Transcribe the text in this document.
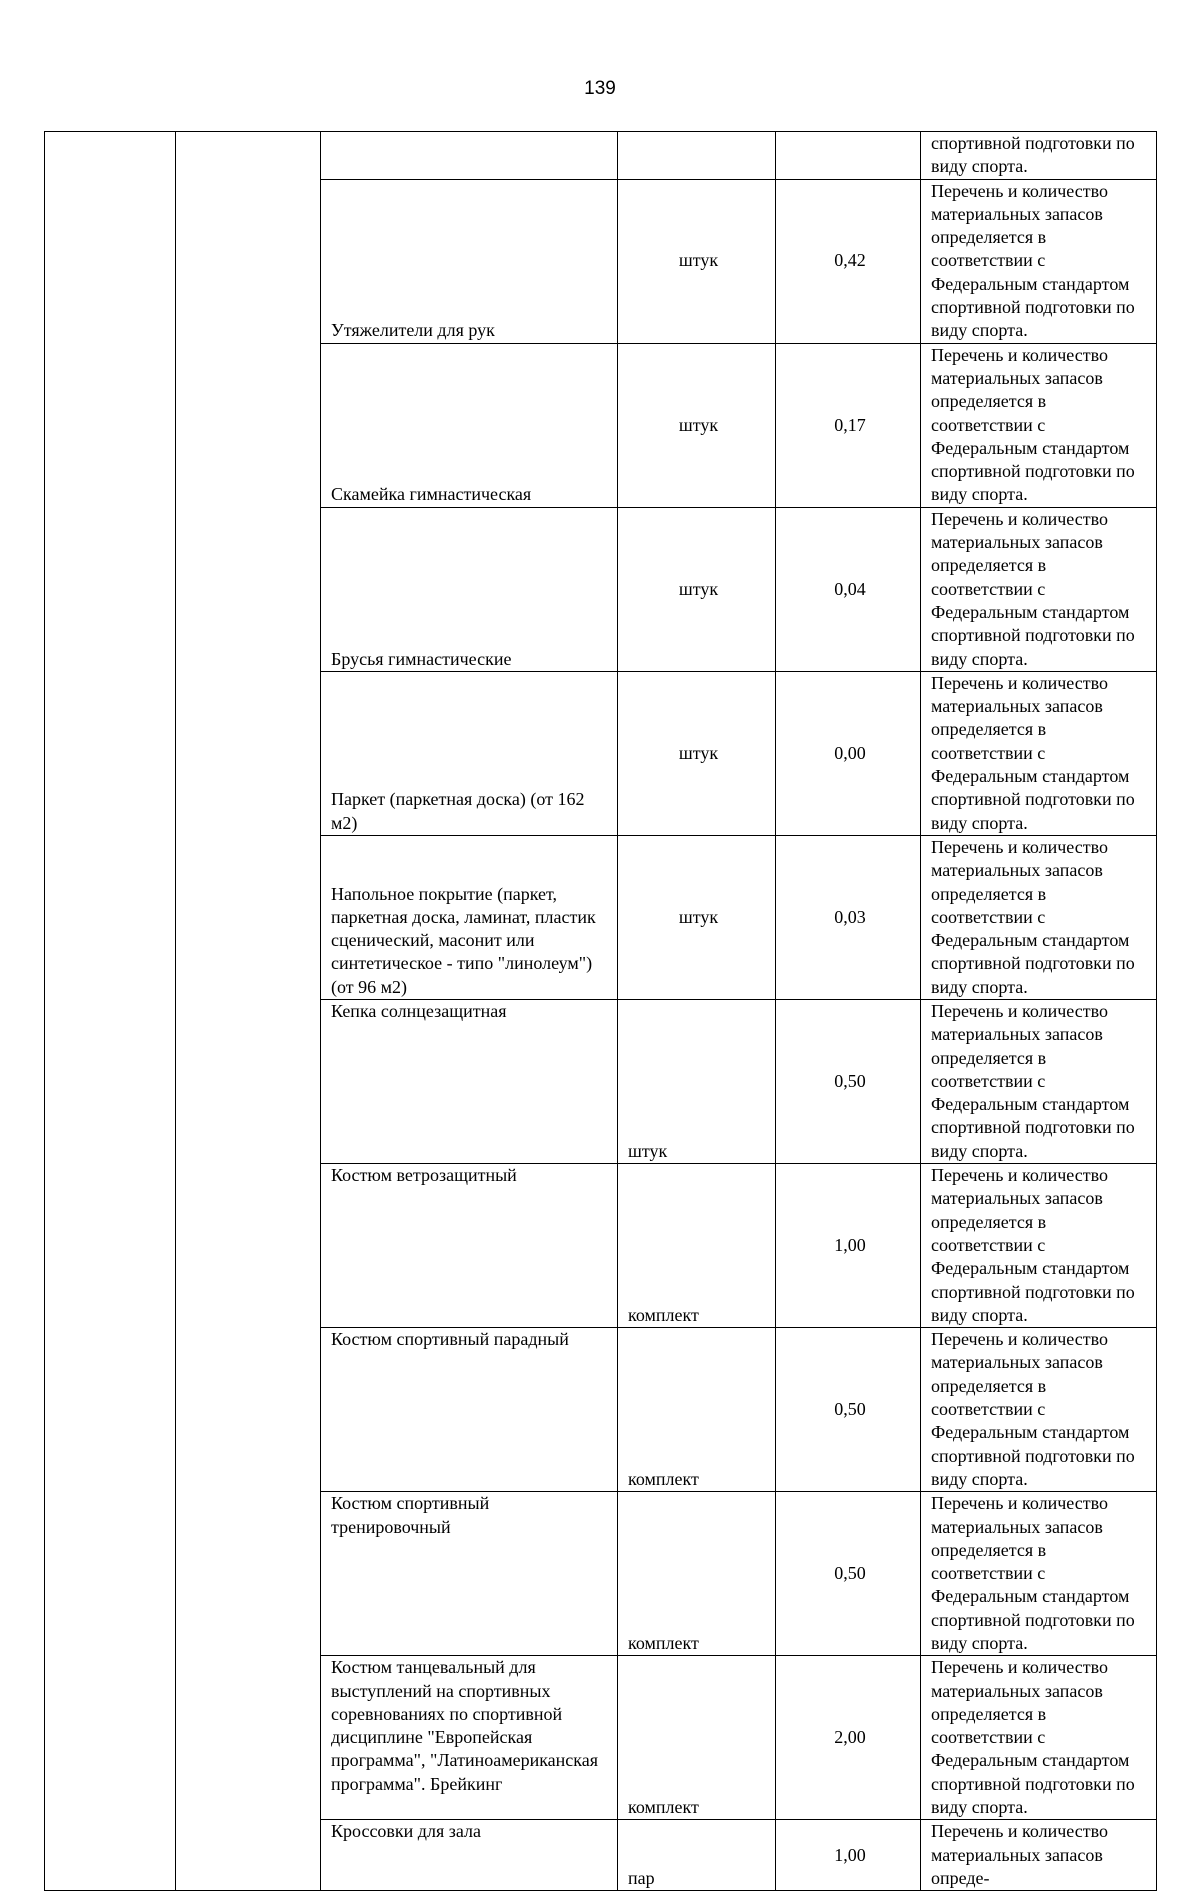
139

					спортивной подготовки по виду спорта.

		Утяжелители для рук	штук	0,42	Перечень и количество материальных запасов определяется в соответствии с Федеральным стандартом спортивной подготовки по виду спорта.

		Скамейка гимнастическая	штук	0,17	Перечень и количество материальных запасов определяется в соответствии с Федеральным стандартом спортивной подготовки по виду спорта.

		Брусья гимнастические	штук	0,04	Перечень и количество материальных запасов определяется в соответствии с Федеральным стандартом спортивной подготовки по виду спорта.

		Паркет (паркетная доска) (от 162 м2)	штук	0,00	Перечень и количество материальных запасов определяется в соответствии с Федеральным стандартом спортивной подготовки по виду спорта.

		Напольное покрытие (паркет, паркетная доска, ламинат, пластик сценический, масонит или синтетическое - типо "линолеум") (от 96 м2)	штук	0,03	Перечень и количество материальных запасов определяется в соответствии с Федеральным стандартом спортивной подготовки по виду спорта.

		Кепка солнцезащитная	штук	0,50	Перечень и количество материальных запасов определяется в соответствии с Федеральным стандартом спортивной подготовки по виду спорта.

		Костюм ветрозащитный	комплект	1,00	Перечень и количество материальных запасов определяется в соответствии с Федеральным стандартом спортивной подготовки по виду спорта.

		Костюм спортивный парадный	комплект	0,50	Перечень и количество материальных запасов определяется в соответствии с Федеральным стандартом спортивной подготовки по виду спорта.

		Костюм спортивный тренировочный	комплект	0,50	Перечень и количество материальных запасов определяется в соответствии с Федеральным стандартом спортивной подготовки по виду спорта.

		Костюм танцевальный для выступлений на спортивных соревнованиях по спортивной дисциплине "Европейская программа", "Латиноамериканская программа". Брейкинг	комплект	2,00	Перечень и количество материальных запасов определяется в соответствии с Федеральным стандартом спортивной подготовки по виду спорта.

		Кроссовки для зала	пар	1,00	Перечень и количество материальных запасов опреде-
